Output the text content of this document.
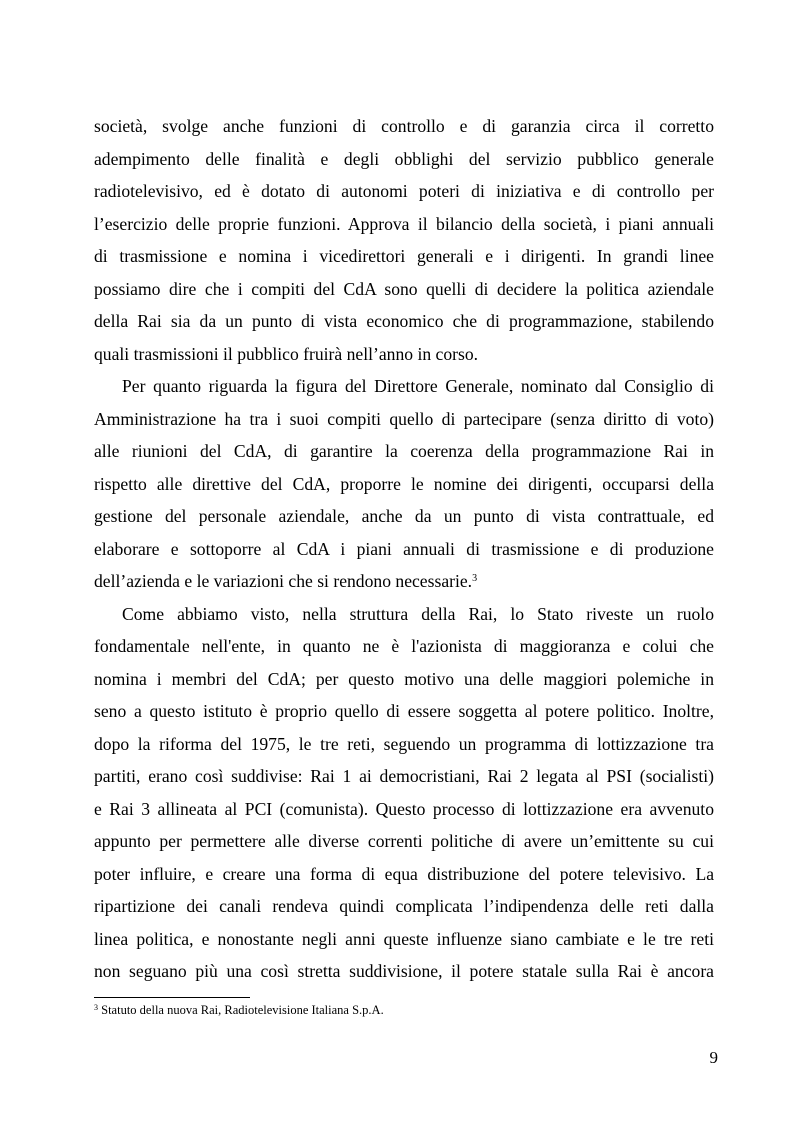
società, svolge anche funzioni di controllo e di garanzia circa il corretto
adempimento delle finalità e degli obblighi del servizio pubblico generale
radiotelevisivo, ed è dotato di autonomi poteri di iniziativa e di controllo per
l’esercizio delle proprie funzioni. Approva il bilancio della società, i piani annuali
di trasmissione e nomina i vicedirettori generali e i dirigenti. In grandi linee
possiamo dire che i compiti del CdA sono quelli di decidere la politica aziendale
della Rai sia da un punto di vista economico che di programmazione, stabilendo
quali trasmissioni il pubblico fruirà nell’anno in corso.
Per quanto riguarda la figura del Direttore Generale, nominato dal Consiglio di
Amministrazione ha tra i suoi compiti quello di partecipare (senza diritto di voto)
alle riunioni del CdA, di garantire la coerenza della programmazione Rai in
rispetto alle direttive del CdA, proporre le nomine dei dirigenti, occuparsi della
gestione del personale aziendale, anche da un punto di vista contrattuale, ed
elaborare e sottoporre al CdA i piani annuali di trasmissione e di produzione
dell’azienda e le variazioni che si rendono necessarie.$^3$
Come abbiamo visto, nella struttura della Rai, lo Stato riveste un ruolo
fondamentale nell'ente, in quanto ne è l'azionista di maggioranza e colui che
nomina i membri del CdA; per questo motivo una delle maggiori polemiche in
seno a questo istituto è proprio quello di essere soggetta al potere politico. Inoltre,
dopo la riforma del 1975, le tre reti, seguendo un programma di lottizzazione tra
partiti, erano così suddivise: Rai 1 ai democristiani, Rai 2 legata al PSI (socialisti)
e Rai 3 allineata al PCI (comunista). Questo processo di lottizzazione era avvenuto
appunto per permettere alle diverse correnti politiche di avere un’emittente su cui
poter influire, e creare una forma di equa distribuzione del potere televisivo. La
ripartizione dei canali rendeva quindi complicata l’indipendenza delle reti dalla
linea politica, e nonostante negli anni queste influenze siano cambiate e le tre reti
non seguano più una così stretta suddivisione, il potere statale sulla Rai è ancora
$^3$ Statuto della nuova Rai, Radiotelevisione Italiana S.p.A.
9
